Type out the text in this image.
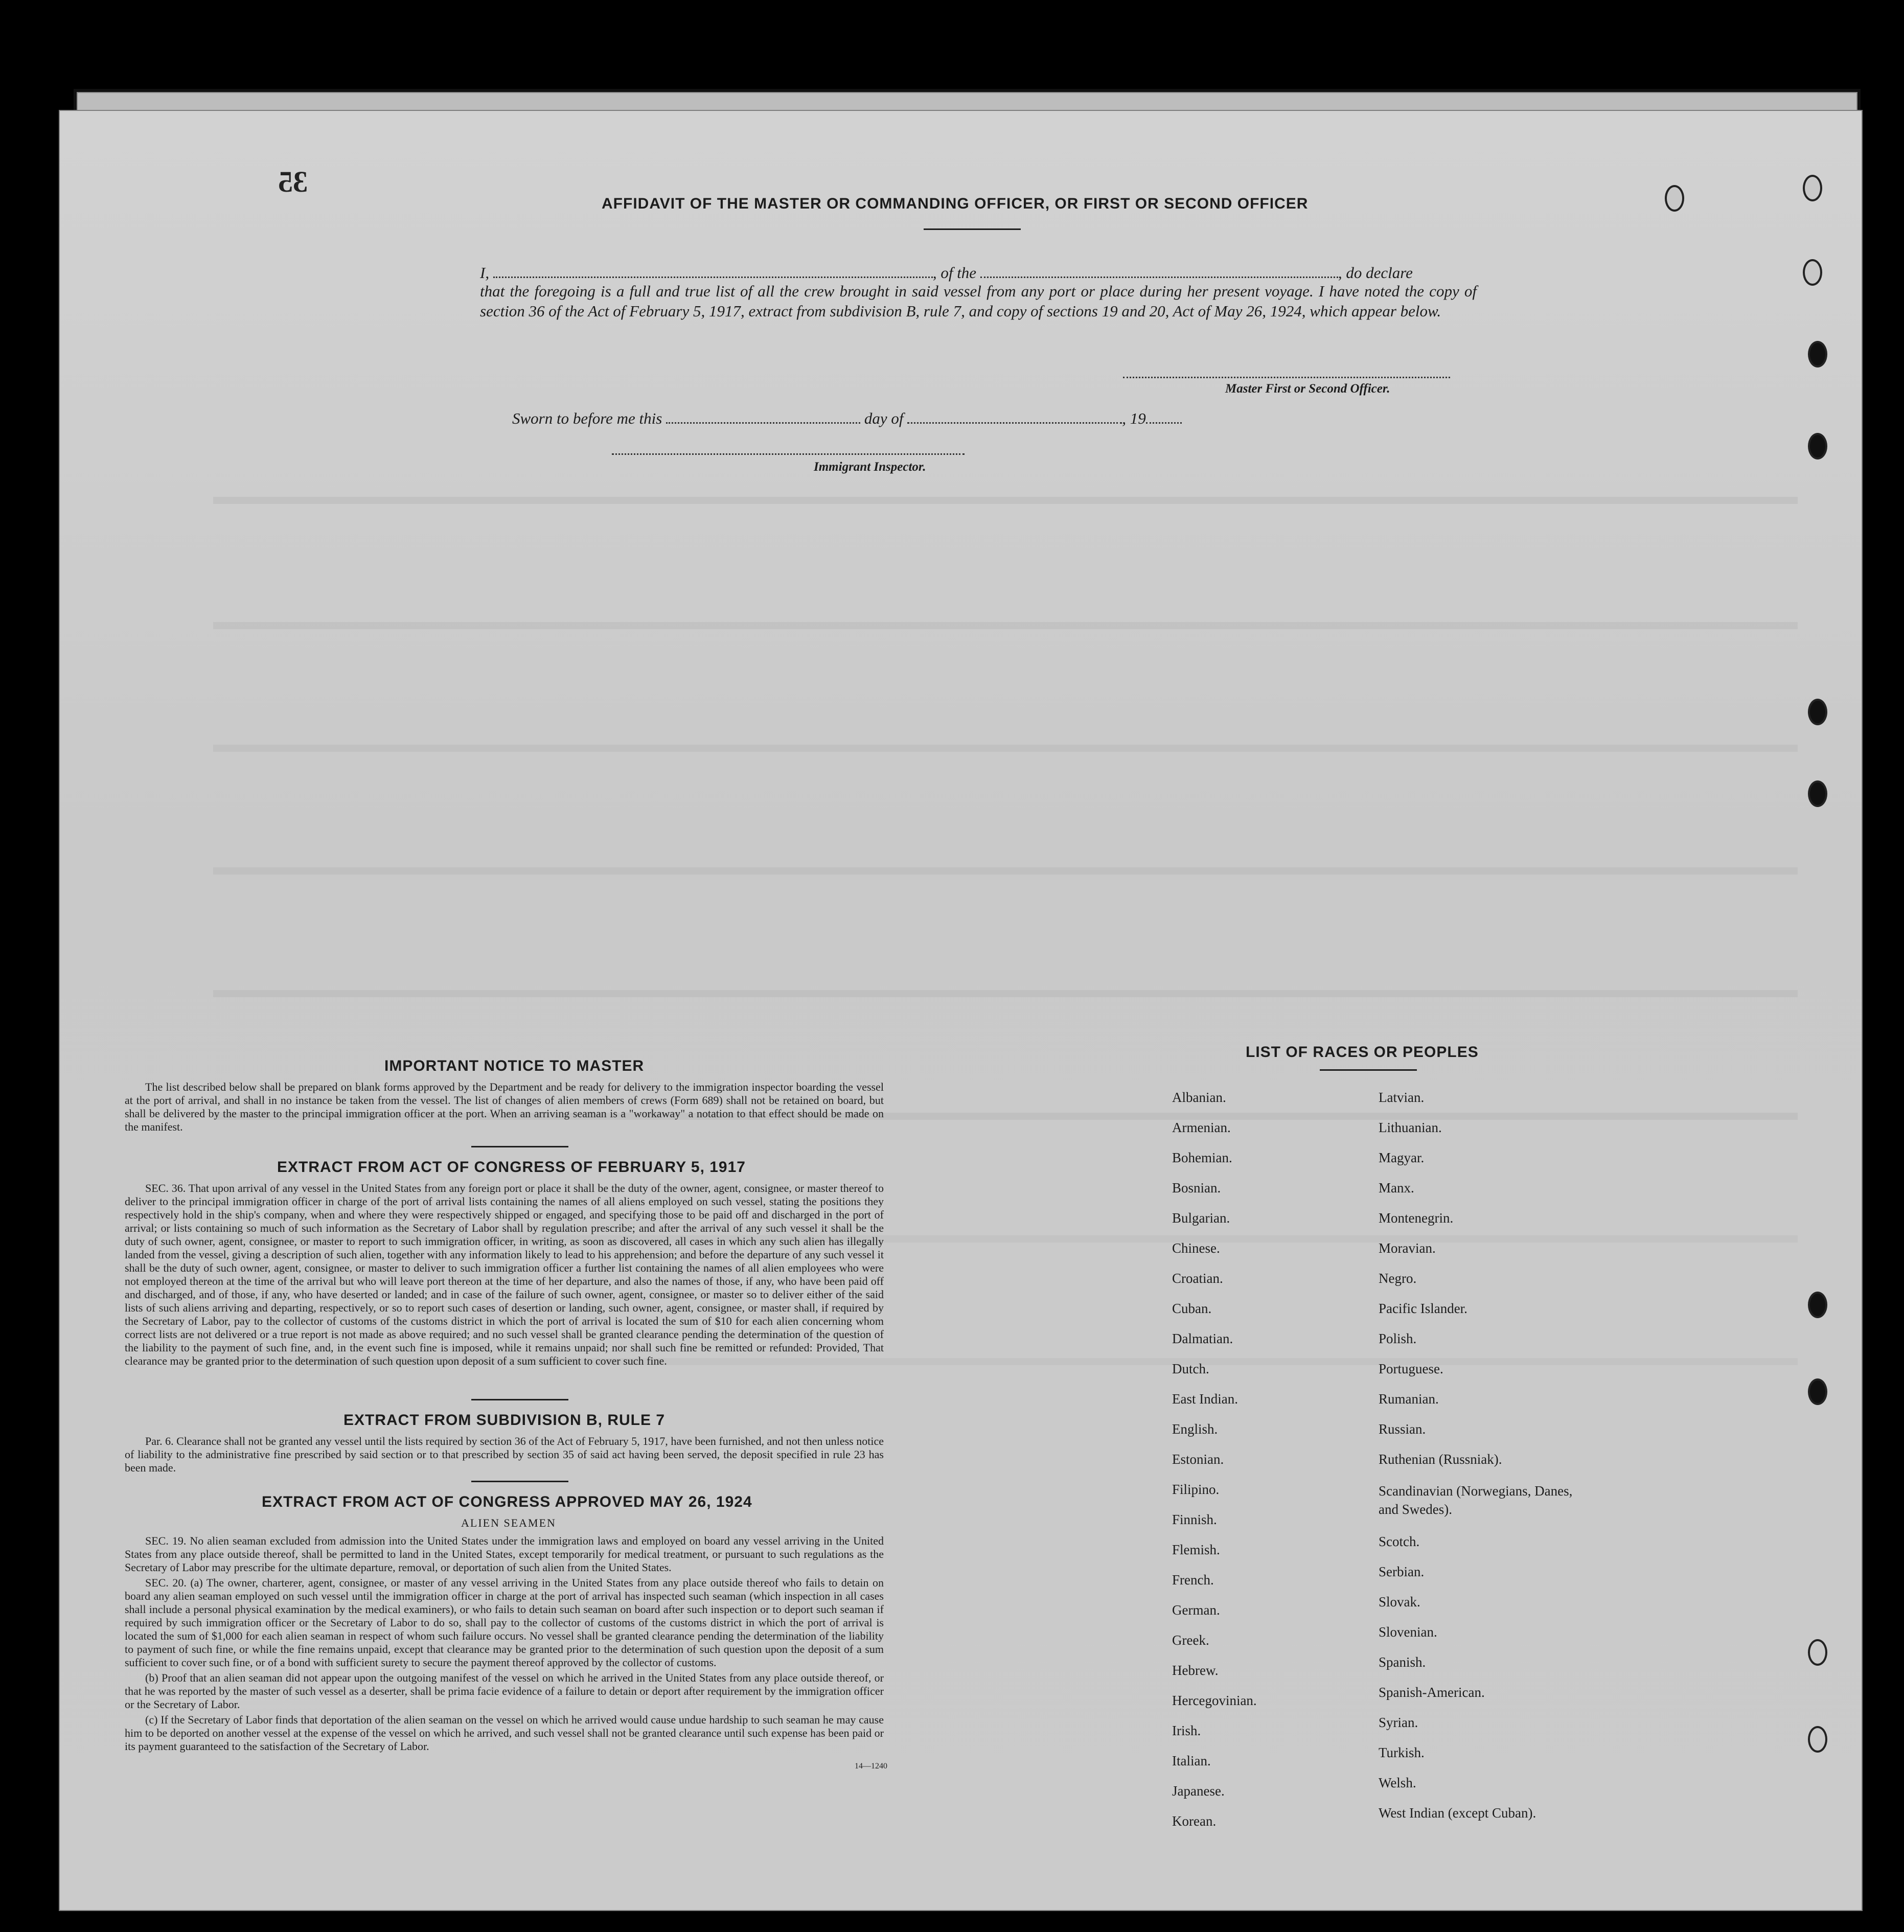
35
AFFIDAVIT OF THE MASTER OR COMMANDING OFFICER, OR FIRST OR SECOND OFFICER
I,	, of the	, do declare
that the foregoing is a full and true list of all the crew brought in said vessel from any port or place during her present voyage. I have noted the copy of section 36 of the Act of February 5, 1917, extract from subdivision B, rule 7, and copy of sections 19 and 20, Act of May 26, 1924, which appear below.
Master First or Second Officer.
Sworn to before me this	day of	, 19
Immigrant Inspector.
IMPORTANT NOTICE TO MASTER

The list described below shall be prepared on blank forms approved by the Department and be ready for delivery to the immigration inspector boarding the vessel at the port of arrival, and shall in no instance be taken from the vessel. The list of changes of alien members of crews (Form 689) shall not be retained on board, but shall be delivered by the master to the principal immigration officer at the port. When an arriving seaman is a "workaway" a notation to that effect should be made on the manifest.

EXTRACT FROM ACT OF CONGRESS OF FEBRUARY 5, 1917

SEC. 36. That upon arrival of any vessel in the United States from any foreign port or place it shall be the duty of the owner, agent, consignee, or master thereof to deliver to the principal immigration officer in charge of the port of arrival lists containing the names of all aliens employed on such vessel, stating the positions they respectively hold in the ship's company, when and where they were respectively shipped or engaged, and specifying those to be paid off and discharged in the port of arrival; or lists containing so much of such information as the Secretary of Labor shall by regulation prescribe; and after the arrival of any such vessel it shall be the duty of such owner, agent, consignee, or master to report to such immigration officer, in writing, as soon as discovered, all cases in which any such alien has illegally landed from the vessel, giving a description of such alien, together with any information likely to lead to his apprehension; and before the departure of any such vessel it shall be the duty of such owner, agent, consignee, or master to deliver to such immigration officer a further list containing the names of all alien employees who were not employed thereon at the time of the arrival but who will leave port thereon at the time of her departure, and also the names of those, if any, who have been paid off and discharged, and of those, if any, who have deserted or landed; and in case of the failure of such owner, agent, consignee, or master so to deliver either of the said lists of such aliens arriving and departing, respectively, or so to report such cases of desertion or landing, such owner, agent, consignee, or master shall, if required by the Secretary of Labor, pay to the collector of customs of the customs district in which the port of arrival is located the sum of $10 for each alien concerning whom correct lists are not delivered or a true report is not made as above required; and no such vessel shall be granted clearance pending the determination of the question of the liability to the payment of such fine, and, in the event such fine is imposed, while it remains unpaid; nor shall such fine be remitted or refunded: Provided, That clearance may be granted prior to the determination of such question upon deposit of a sum sufficient to cover such fine.

EXTRACT FROM SUBDIVISION B, RULE 7

Par. 6. Clearance shall not be granted any vessel until the lists required by section 36 of the Act of February 5, 1917, have been furnished, and not then unless notice of liability to the administrative fine prescribed by said section or to that prescribed by section 35 of said act having been served, the deposit specified in rule 23 has been made.

EXTRACT FROM ACT OF CONGRESS APPROVED MAY 26, 1924
ALIEN SEAMEN

SEC. 19. No alien seaman excluded from admission into the United States under the immigration laws and employed on board any vessel arriving in the United States from any place outside thereof, shall be permitted to land in the United States, except temporarily for medical treatment, or pursuant to such regulations as the Secretary of Labor may prescribe for the ultimate departure, removal, or deportation of such alien from the United States.

SEC. 20. (a) The owner, charterer, agent, consignee, or master of any vessel arriving in the United States from any place outside thereof who fails to detain on board any alien seaman employed on such vessel until the immigration officer in charge at the port of arrival has inspected such seaman (which inspection in all cases shall include a personal physical examination by the medical examiners), or who fails to detain such seaman on board after such inspection or to deport such seaman if required by such immigration officer or the Secretary of Labor to do so, shall pay to the collector of customs of the customs district in which the port of arrival is located the sum of $1,000 for each alien seaman in respect of whom such failure occurs. No vessel shall be granted clearance pending the determination of the liability to payment of such fine, or while the fine remains unpaid, except that clearance may be granted prior to the determination of such question upon the deposit of a sum sufficient to cover such fine, or of a bond with sufficient surety to secure the payment thereof approved by the collector of customs.

(b) Proof that an alien seaman did not appear upon the outgoing manifest of the vessel on which he arrived in the United States from any place outside thereof, or that he was reported by the master of such vessel as a deserter, shall be prima facie evidence of a failure to detain or deport after requirement by the immigration officer or the Secretary of Labor.

(c) If the Secretary of Labor finds that deportation of the alien seaman on the vessel on which he arrived would cause undue hardship to such seaman he may cause him to be deported on another vessel at the expense of the vessel on which he arrived, and such vessel shall not be granted clearance until such expense has been paid or its payment guaranteed to the satisfaction of the Secretary of Labor.

14—1240
LIST OF RACES OR PEOPLES
Albanian.
Armenian.
Bohemian.
Bosnian.
Bulgarian.
Chinese.
Croatian.
Cuban.
Dalmatian.
Dutch.
East Indian.
English.
Estonian.
Filipino.
Finnish.
Flemish.
French.
German.
Greek.
Hebrew.
Hercegovinian.
Irish.
Italian.
Japanese.
Korean.
Latvian.
Lithuanian.
Magyar.
Manx.
Montenegrin.
Moravian.
Negro.
Pacific Islander.
Polish.
Portuguese.
Rumanian.
Russian.
Ruthenian (Russniak).
Scandinavian (Norwegians, Danes, and Swedes).
Scotch.
Serbian.
Slovak.
Slovenian.
Spanish.
Spanish-American.
Syrian.
Turkish.
Welsh.
West Indian (except Cuban).
